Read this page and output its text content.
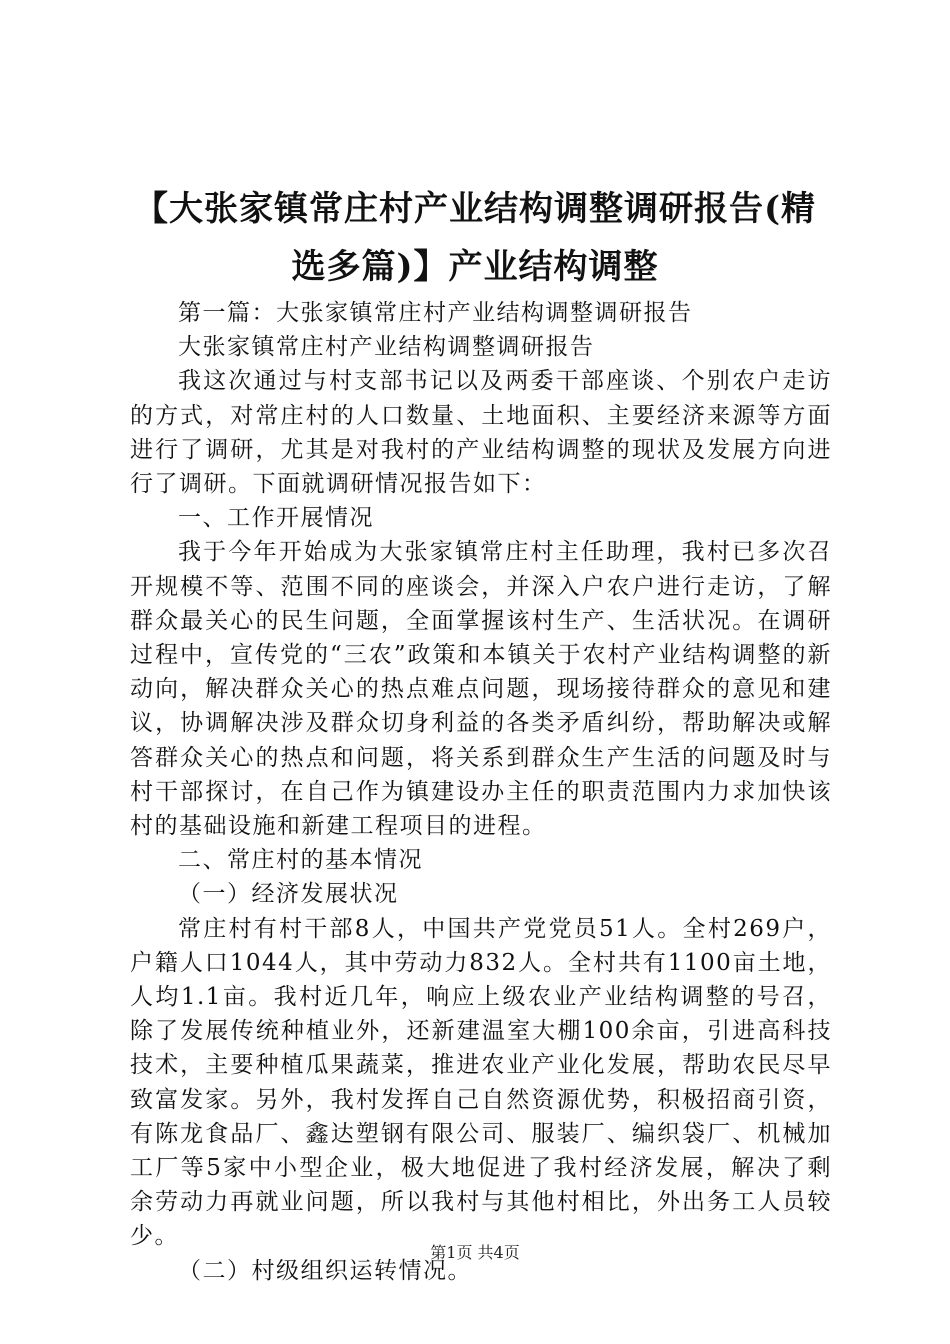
【大张家镇常庄村产业结构调整调研报告(精选多篇)】产业结构调整

第一篇：大张家镇常庄村产业结构调整调研报告

大张家镇常庄村产业结构调整调研报告

我这次通过与村支部书记以及两委干部座谈、个别农户走访的方式，对常庄村的人口数量、土地面积、主要经济来源等方面进行了调研，尤其是对我村的产业结构调整的现状及发展方向进行了调研。下面就调研情况报告如下：

一、工作开展情况

我于今年开始成为大张家镇常庄村主任助理，我村已多次召开规模不等、范围不同的座谈会，并深入户农户进行走访，了解群众最关心的民生问题，全面掌握该村生产、生活状况。在调研过程中，宣传党的“三农”政策和本镇关于农村产业结构调整的新动向，解决群众关心的热点难点问题，现场接待群众的意见和建议，协调解决涉及群众切身利益的各类矛盾纠纷，帮助解决或解答群众关心的热点和问题，将关系到群众生产生活的问题及时与村干部探讨，在自己作为镇建设办主任的职责范围内力求加快该村的基础设施和新建工程项目的进程。

二、常庄村的基本情况

（一）经济发展状况

常庄村有村干部8人，中国共产党党员51人。全村269户，户籍人口1044人，其中劳动力832人。全村共有1100亩土地，人均1.1亩。我村近几年，响应上级农业产业结构调整的号召，除了发展传统种植业外，还新建温室大棚100余亩，引进高科技技术，主要种植瓜果蔬菜，推进农业产业化发展，帮助农民尽早致富发家。另外，我村发挥自己自然资源优势，积极招商引资，有陈龙食品厂、鑫达塑钢有限公司、服装厂、编织袋厂、机械加工厂等5家中小型企业，极大地促进了我村经济发展，解决了剩余劳动力再就业问题，所以我村与其他村相比，外出务工人员较少。

（二）村级组织运转情况。

第1页 共4页
